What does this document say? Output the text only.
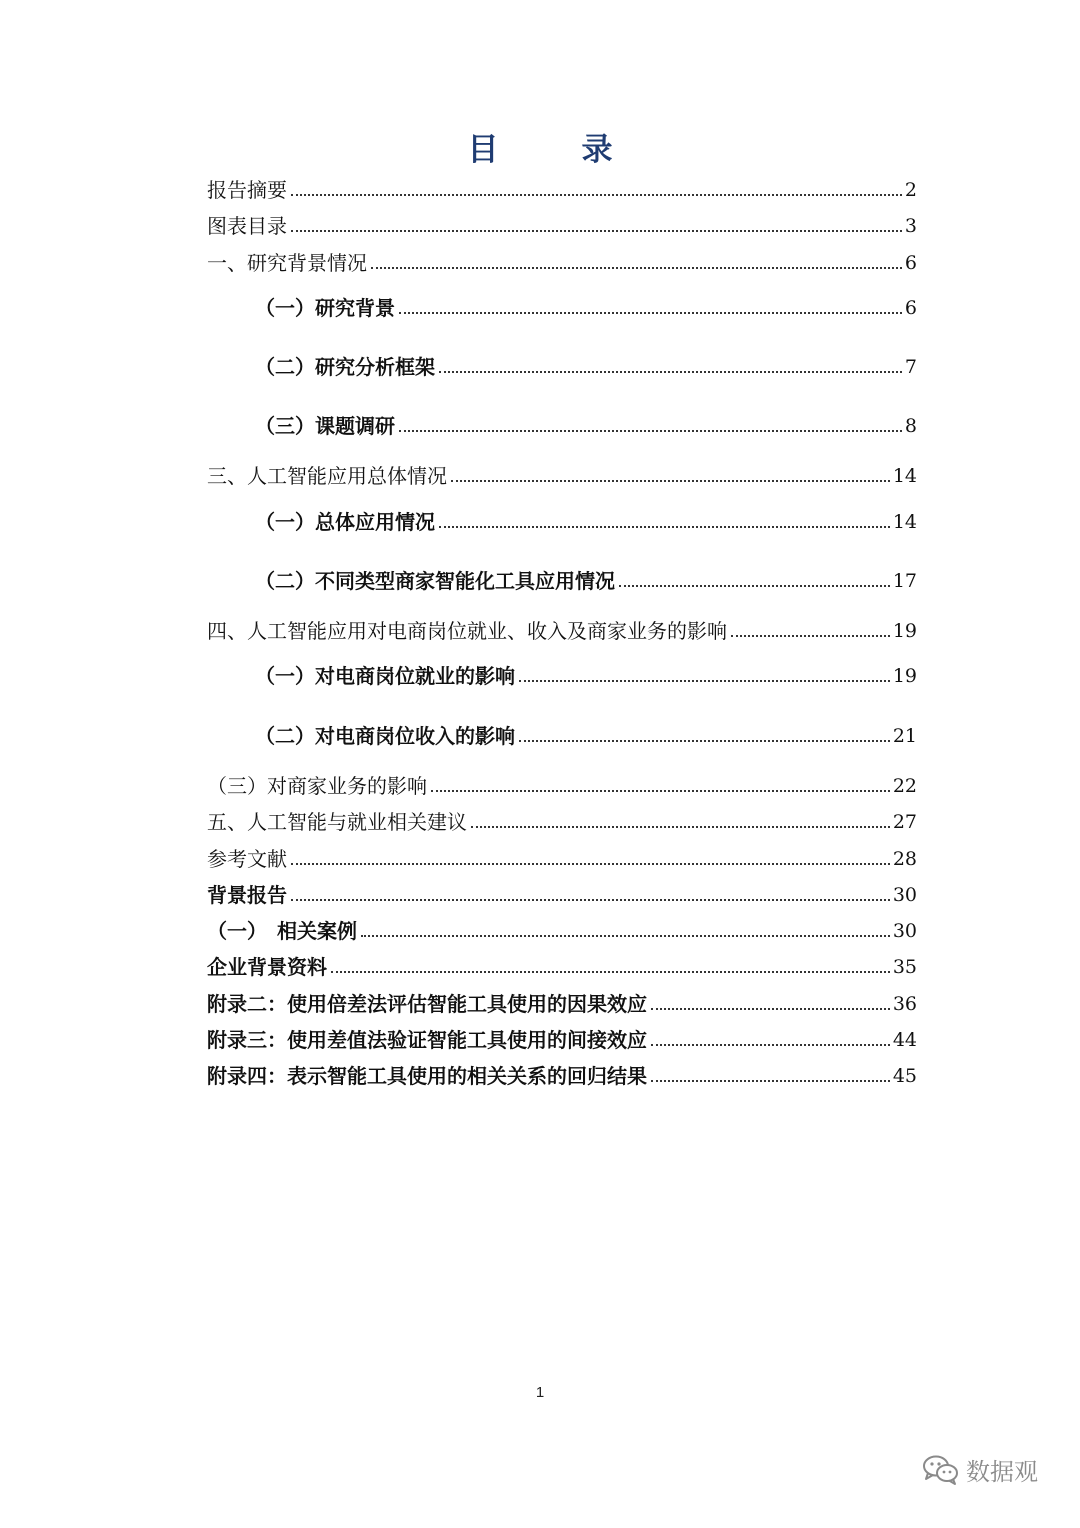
目　录
报告摘要	2
图表目录	3
一、研究背景情况	6
（一）研究背景	6
（二）研究分析框架	7
（三）课题调研	8
三、人工智能应用总体情况	14
（一）总体应用情况	14
（二）不同类型商家智能化工具应用情况	17
四、人工智能应用对电商岗位就业、收入及商家业务的影响	19
（一）对电商岗位就业的影响	19
（二）对电商岗位收入的影响	21
（三）对商家业务的影响	22
五、人工智能与就业相关建议	27
参考文献	28
背景报告	30
（一）　相关案例	30
企业背景资料	35
附录二：使用倍差法评估智能工具使用的因果效应	36
附录三：使用差值法验证智能工具使用的间接效应	44
附录四：表示智能工具使用的相关关系的回归结果	45
1
数据观
